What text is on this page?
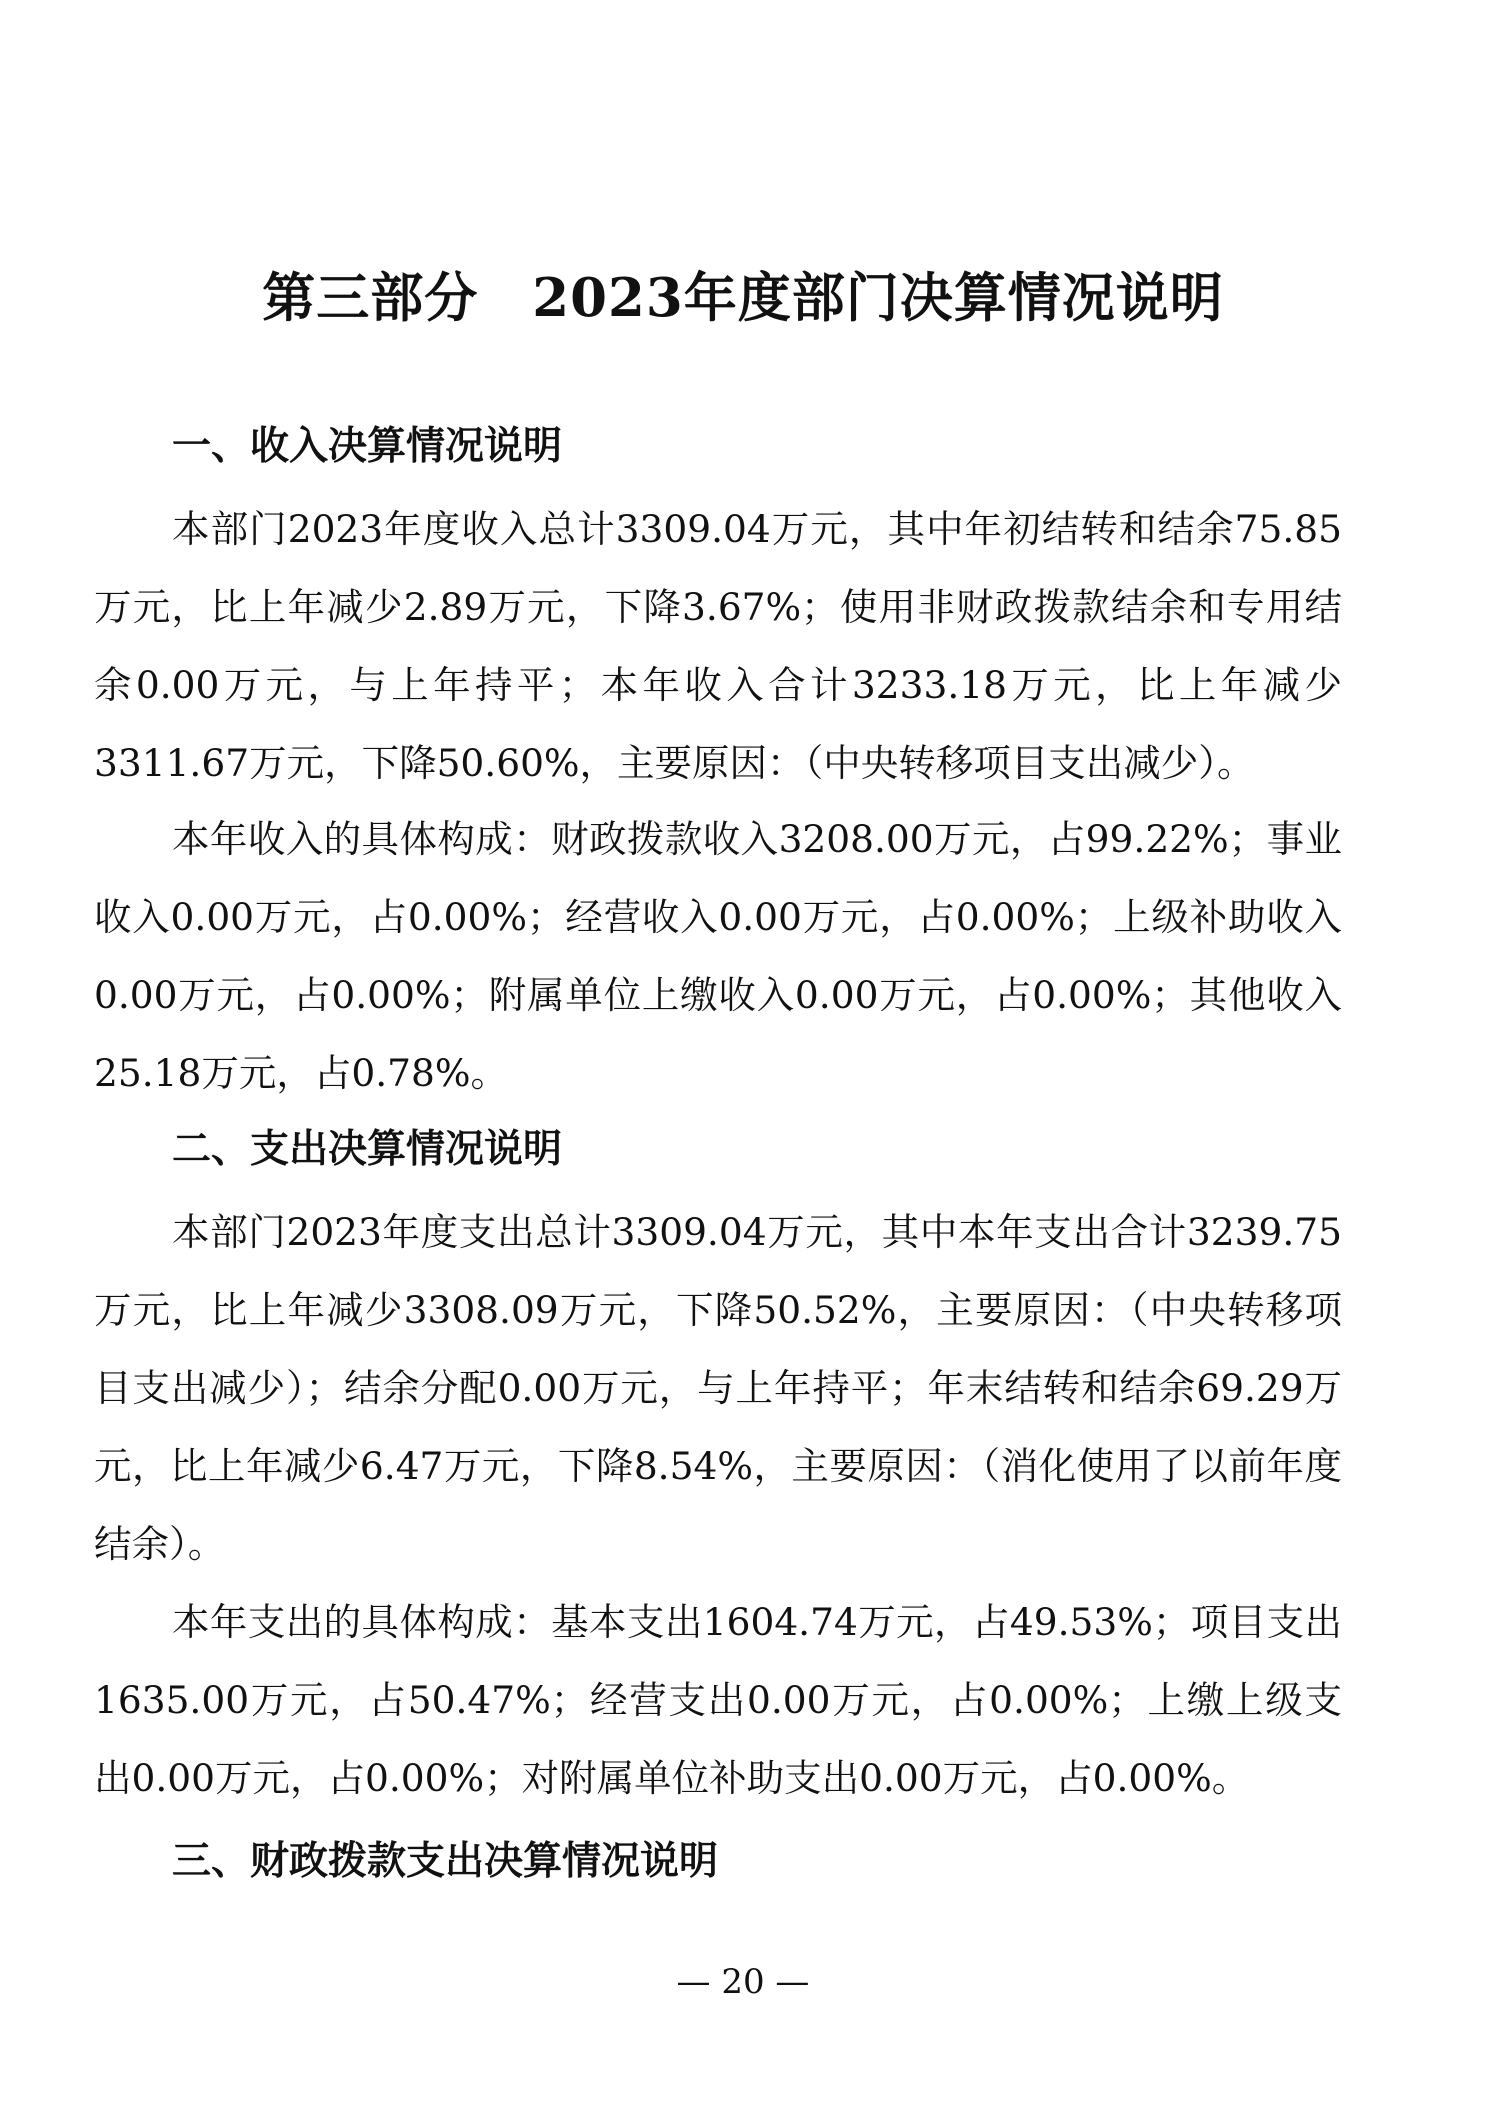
第三部分　2023年度部门决算情况说明
一、收入决算情况说明

本部门2023年度收入总计3309.04万元，其中年初结转和结余75.85万元，比上年减少2.89万元，下降3.67%；使用非财政拨款结余和专用结余0.00万元，与上年持平；本年收入合计3233.18万元，比上年减少3311.67万元，下降50.60%，主要原因：（中央转移项目支出减少）。

本年收入的具体构成：财政拨款收入3208.00万元，占99.22%；事业收入0.00万元，占0.00%；经营收入0.00万元，占0.00%；上级补助收入0.00万元，占0.00%；附属单位上缴收入0.00万元，占0.00%；其他收入25.18万元，占0.78%。

二、支出决算情况说明

本部门2023年度支出总计3309.04万元，其中本年支出合计3239.75万元，比上年减少3308.09万元，下降50.52%，主要原因：（中央转移项目支出减少）；结余分配0.00万元，与上年持平；年末结转和结余69.29万元，比上年减少6.47万元，下降8.54%，主要原因：（消化使用了以前年度结余）。

本年支出的具体构成：基本支出1604.74万元，占49.53%；项目支出1635.00万元，占50.47%；经营支出0.00万元，占0.00%；上缴上级支出0.00万元，占0.00%；对附属单位补助支出0.00万元，占0.00%。

三、财政拨款支出决算情况说明
— 20 —
